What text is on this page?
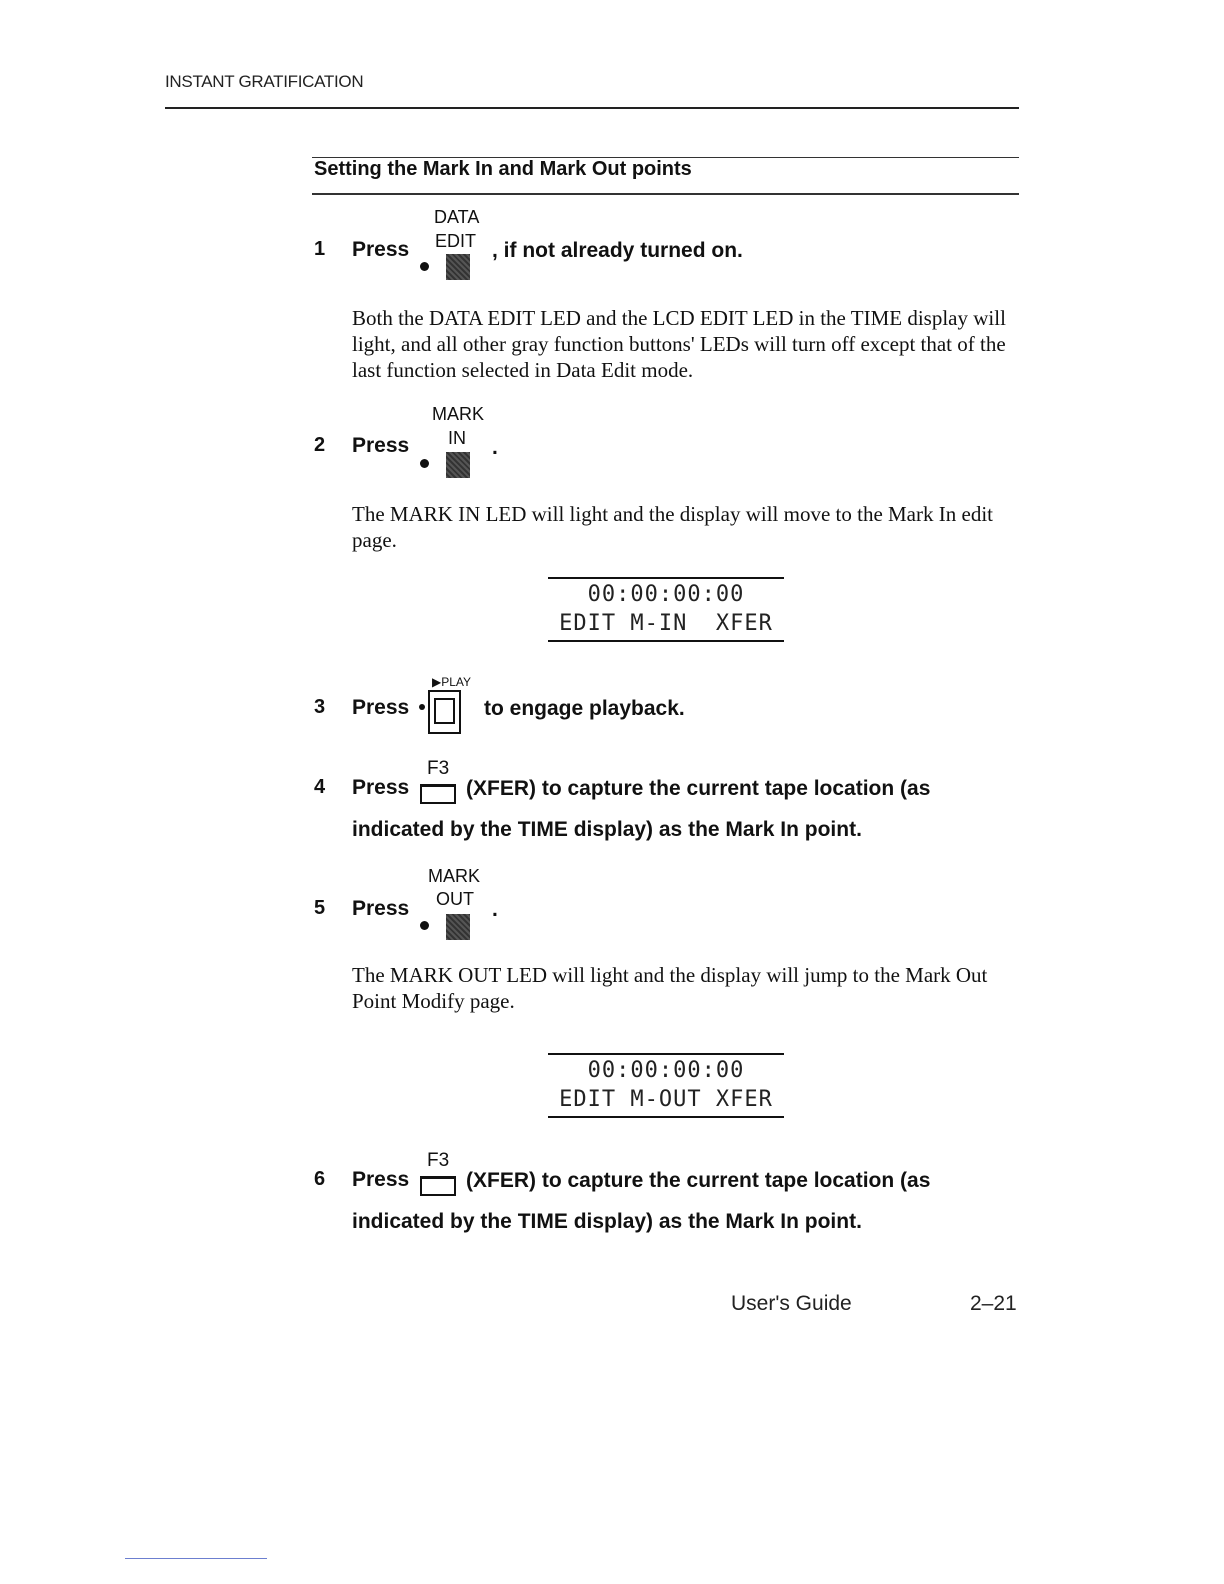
INSTANT GRATIFICATION
Setting the Mark In and Mark Out points
1	Press
DATA
EDIT , if not already turned on.
Both the DATA EDIT LED and the LCD EDIT LED in the TIME display will light, and all other gray function buttons' LEDs will turn off except that of the last function selected in Data Edit mode.
2	Press
MARK
IN .
The MARK IN LED will light and the display will move to the Mark In edit page.
00:00:00:00
EDIT M-IN  XFER
3	Press
▶PLAY
to engage playback.
4	Press
F3
(XFER) to capture the current tape location (as
indicated by the TIME display) as the Mark In point.
5	Press
MARK
OUT .
The MARK OUT LED will light and the display will jump to the Mark Out Point Modify page.
00:00:00:00
EDIT M-OUT XFER
6	Press
F3
(XFER) to capture the current tape location (as
indicated by the TIME display) as the Mark In point.
User's Guide	2–21
